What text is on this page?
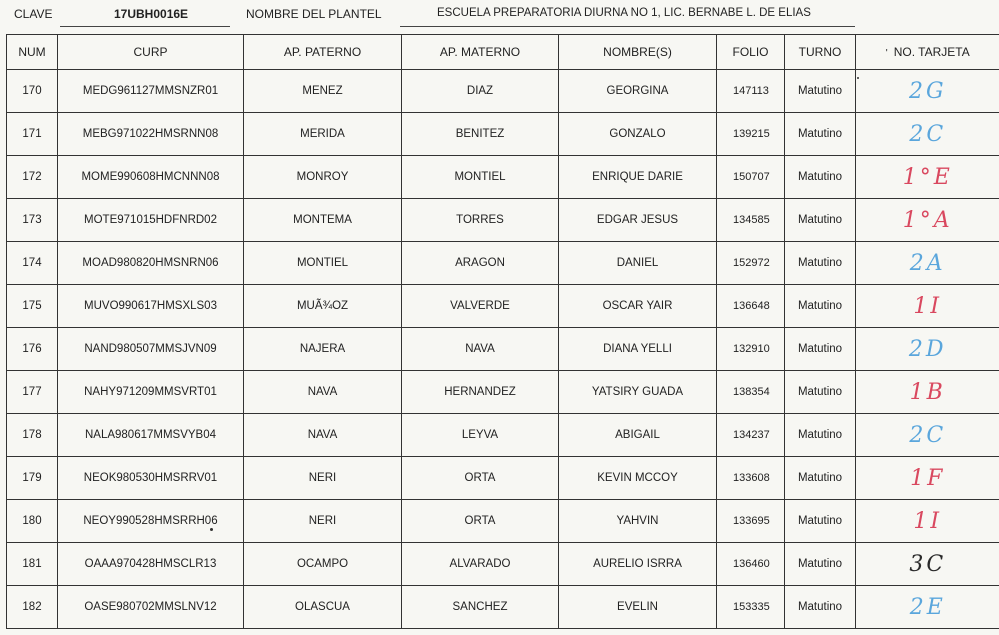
CLAVE	17UBH0016E	NOMBRE DEL PLANTEL	ESCUELA PREPARATORIA DIURNA NO 1, LIC. BERNABE L. DE ELIAS
NUM	CURP	AP. PATERNO	AP. MATERNO	NOMBRE(S)	FOLIO	TURNO	' NO. TARJETA
170	MEDG961127MMSNZR01	MENEZ	DIAZ	GEORGINA	147113	Matutino	2G
171	MEBG971022HMSRNN08	MERIDA	BENITEZ	GONZALO	139215	Matutino	2C
172	MOME990608HMCNNN08	MONROY	MONTIEL	ENRIQUE DARIE	150707	Matutino	1°E
173	MOTE971015HDFNRD02	MONTEMA	TORRES	EDGAR JESUS	134585	Matutino	1°A
174	MOAD980820HMSNRN06	MONTIEL	ARAGON	DANIEL	152972	Matutino	2A
175	MUVO990617HMSXLS03	MUÃ¾OZ	VALVERDE	OSCAR YAIR	136648	Matutino	1I
176	NAND980507MMSJVN09	NAJERA	NAVA	DIANA YELLI	132910	Matutino	2D
177	NAHY971209MMSVRT01	NAVA	HERNANDEZ	YATSIRY GUADA	138354	Matutino	1B
178	NALA980617MMSVYB04	NAVA	LEYVA	ABIGAIL	134237	Matutino	2C
179	NEOK980530HMSRRV01	NERI	ORTA	KEVIN MCCOY	133608	Matutino	1F
180	NEOY990528HMSRRH06	NERI	ORTA	YAHVIN	133695	Matutino	1I
181	OAAA970428HMSCLR13	OCAMPO	ALVARADO	AURELIO ISRRA	136460	Matutino	3C
182	OASE980702MMSLNV12	OLASCUA	SANCHEZ	EVELIN	153335	Matutino	2E
